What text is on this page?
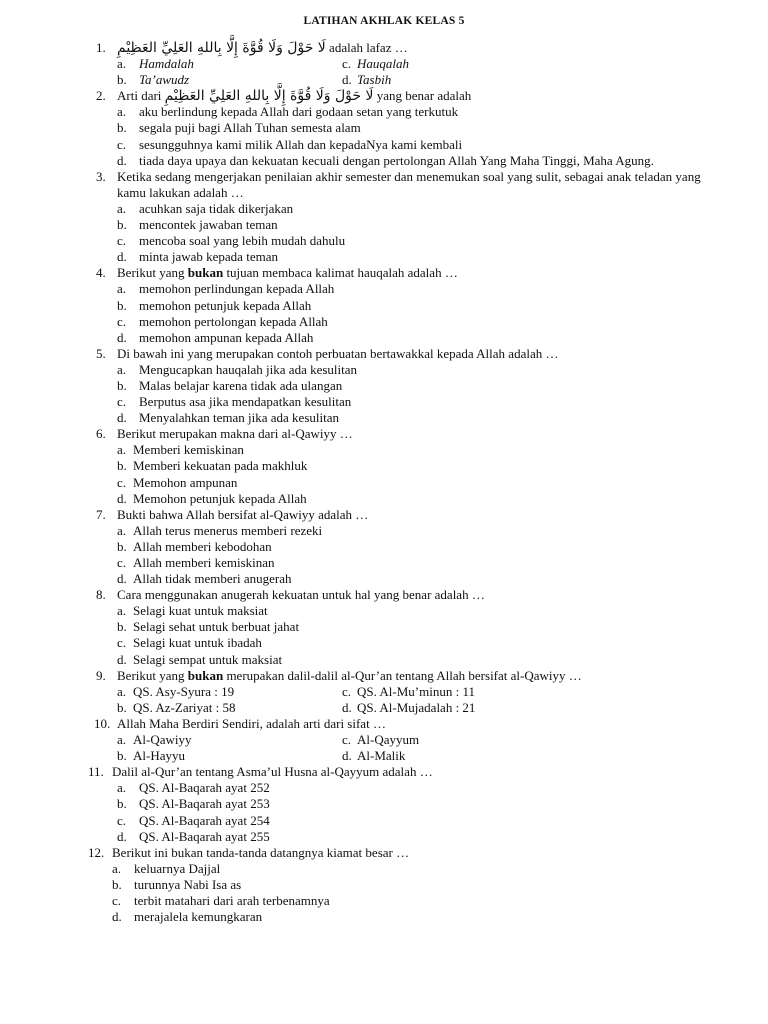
LATIHAN AKHLAK KELAS 5
1. لَا حَوْلَ وَلَا قُوَّةَ إِلَّا بِاللهِ العَلِيِّ العَظِيْمِ adalah lafaz …
a. Hamdalah	c. Hauqalah
b. Ta’awudz	d. Tasbih
2. Arti dari لَا حَوْلَ وَلَا قُوَّةَ إِلَّا بِاللهِ العَلِيِّ العَظِيْمِ yang benar adalah
a. aku berlindung kepada Allah dari godaan setan yang terkutuk
b. segala puji bagi Allah Tuhan semesta alam
c. sesungguhnya kami milik Allah dan kepadaNya kami kembali
d. tiada daya upaya dan kekuatan kecuali dengan pertolongan Allah Yang Maha Tinggi, Maha Agung.
3. Ketika sedang mengerjakan penilaian akhir semester dan menemukan soal yang sulit, sebagai anak teladan yang kamu lakukan adalah …
a. acuhkan saja tidak dikerjakan
b. mencontek jawaban teman
c. mencoba soal yang lebih mudah dahulu
d. minta jawab kepada teman
4. Berikut yang bukan tujuan membaca kalimat hauqalah adalah …
a. memohon perlindungan kepada Allah
b. memohon petunjuk kepada Allah
c. memohon pertolongan kepada Allah
d. memohon ampunan kepada Allah
5. Di bawah ini yang merupakan contoh perbuatan bertawakkal kepada Allah adalah …
a. Mengucapkan hauqalah jika ada kesulitan
b. Malas belajar karena tidak ada ulangan
c. Berputus asa jika mendapatkan kesulitan
d. Menyalahkan teman jika ada kesulitan
6. Berikut merupakan makna dari al-Qawiyy …
a. Memberi kemiskinan
b. Memberi kekuatan pada makhluk
c. Memohon ampunan
d. Memohon petunjuk kepada Allah
7. Bukti bahwa Allah bersifat al-Qawiyy adalah …
a. Allah terus menerus memberi rezeki
b. Allah memberi kebodohan
c. Allah memberi kemiskinan
d. Allah tidak memberi anugerah
8. Cara menggunakan anugerah kekuatan untuk hal yang benar adalah …
a. Selagi kuat untuk maksiat
b. Selagi sehat untuk berbuat jahat
c. Selagi kuat untuk ibadah
d. Selagi sempat untuk maksiat
9. Berikut yang bukan merupakan dalil-dalil al-Qur’an tentang Allah bersifat al-Qawiyy …
a. QS. Asy-Syura : 19	c. QS. Al-Mu’minun : 11
b. QS. Az-Zariyat : 58	d. QS. Al-Mujadalah : 21
10. Allah Maha Berdiri Sendiri, adalah arti dari sifat …
a. Al-Qawiyy	c. Al-Qayyum
b. Al-Hayyu	d. Al-Malik
11. Dalil al-Qur’an tentang Asma’ul Husna al-Qayyum adalah …
a. QS. Al-Baqarah ayat 252
b. QS. Al-Baqarah ayat 253
c. QS. Al-Baqarah ayat 254
d. QS. Al-Baqarah ayat 255
12. Berikut ini bukan tanda-tanda datangnya kiamat besar …
a. keluarnya Dajjal
b. turunnya Nabi Isa as
c. terbit matahari dari arah terbenamnya
d. merajalela kemungkaran
